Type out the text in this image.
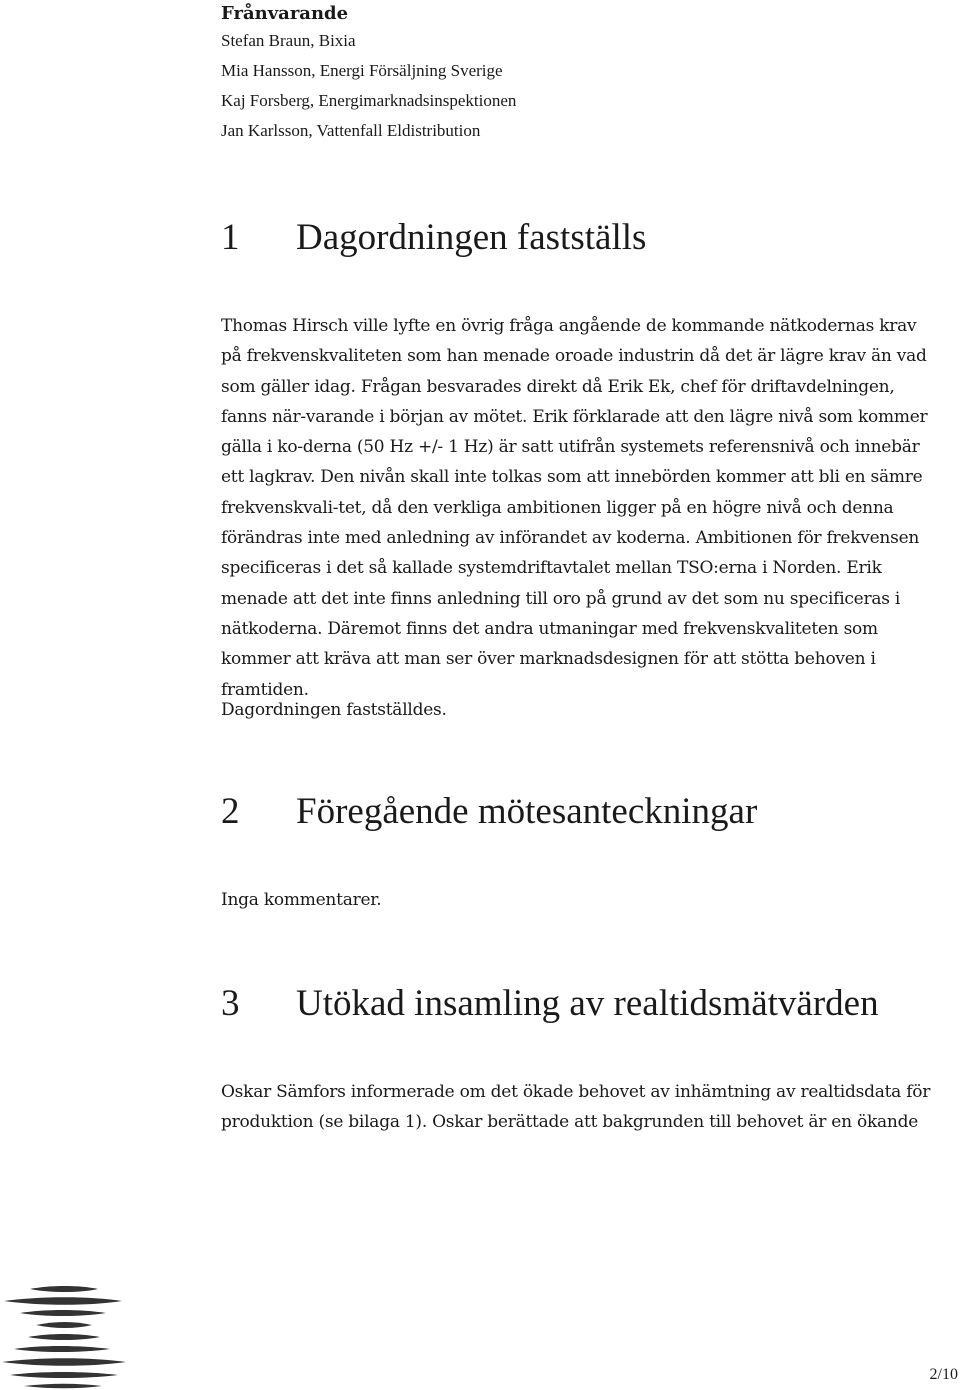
Frånvarande
Stefan Braun, Bixia
Mia Hansson, Energi Försäljning Sverige
Kaj Forsberg, Energimarknadsinspektionen
Jan Karlsson, Vattenfall Eldistribution
1 Dagordningen fastställs

Thomas Hirsch ville lyfte en övrig fråga angående de kommande nätkodernas krav på frekvenskvaliteten som han menade oroade industrin då det är lägre krav än vad som gäller idag. Frågan besvarades direkt då Erik Ek, chef för driftavdelningen, fanns när-varande i början av mötet. Erik förklarade att den lägre nivå som kommer gälla i ko-derna (50 Hz +/- 1 Hz) är satt utifrån systemets referensnivå och innebär ett lagkrav. Den nivån skall inte tolkas som att innebörden kommer att bli en sämre frekvenskvali-tet, då den verkliga ambitionen ligger på en högre nivå och denna förändras inte med anledning av införandet av koderna. Ambitionen för frekvensen specificeras i det så kallade systemdriftavtalet mellan TSO:erna i Norden. Erik menade att det inte finns anledning till oro på grund av det som nu specificeras i nätkoderna. Däremot finns det andra utmaningar med frekvenskvaliteten som kommer att kräva att man ser över marknadsdesignen för att stötta behoven i framtiden.

Dagordningen fastställdes.

2 Föregående mötesanteckningar

Inga kommentarer.

3 Utökad insamling av realtidsmätvärden

Oskar Sämfors informerade om det ökade behovet av inhämtning av realtidsdata för produktion (se bilaga 1). Oskar berättade att bakgrunden till behovet är en ökande

2/10
